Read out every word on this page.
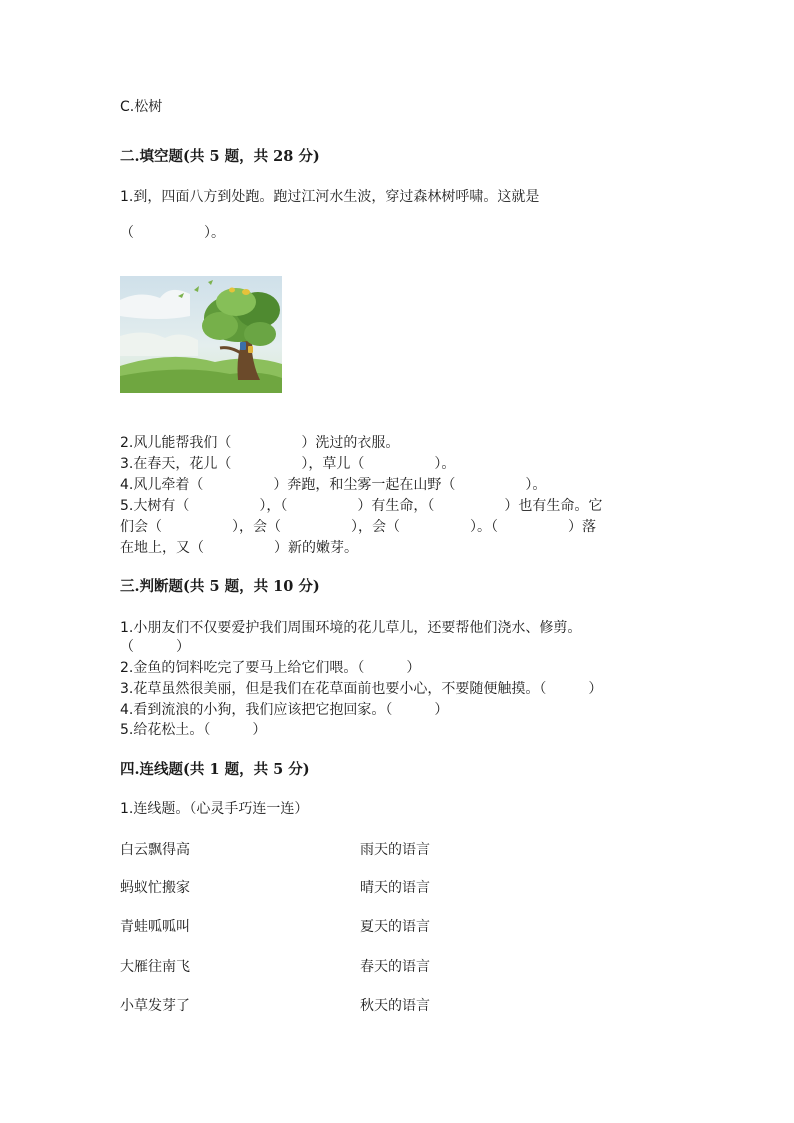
C.松树
二.填空题(共 5 题，共 28 分)
1.到，四面八方到处跑。跑过江河水生波，穿过森林树呼啸。这就是
（　　　　　）。
2.风儿能帮我们（　　　　　）洗过的衣服。
3.在春天，花儿（　　　　　），草儿（　　　　　）。
4.风儿牵着（　　　　　）奔跑，和尘雾一起在山野（　　　　　）。
5.大树有（　　　　　），（　　　　　）有生命，（　　　　　）也有生命。它
们会（　　　　　），会（　　　　　），会（　　　　　）。（　　　　　）落
在地上，又（　　　　　）新的嫩芽。
三.判断题(共 5 题，共 10 分)
1.小朋友们不仅要爱护我们周围环境的花儿草儿，还要帮他们浇水、修剪。
（　　　）
2.金鱼的饲料吃完了要马上给它们喂。（　　　）
3.花草虽然很美丽，但是我们在花草面前也要小心，不要随便触摸。（　　　）
4.看到流浪的小狗，我们应该把它抱回家。（　　　）
5.给花松土。（　　　）
四.连线题(共 1 题，共 5 分)
1.连线题。（心灵手巧连一连）
白云飘得高	雨天的语言
蚂蚁忙搬家	晴天的语言
青蛙呱呱叫	夏天的语言
大雁往南飞	春天的语言
小草发芽了	秋天的语言
